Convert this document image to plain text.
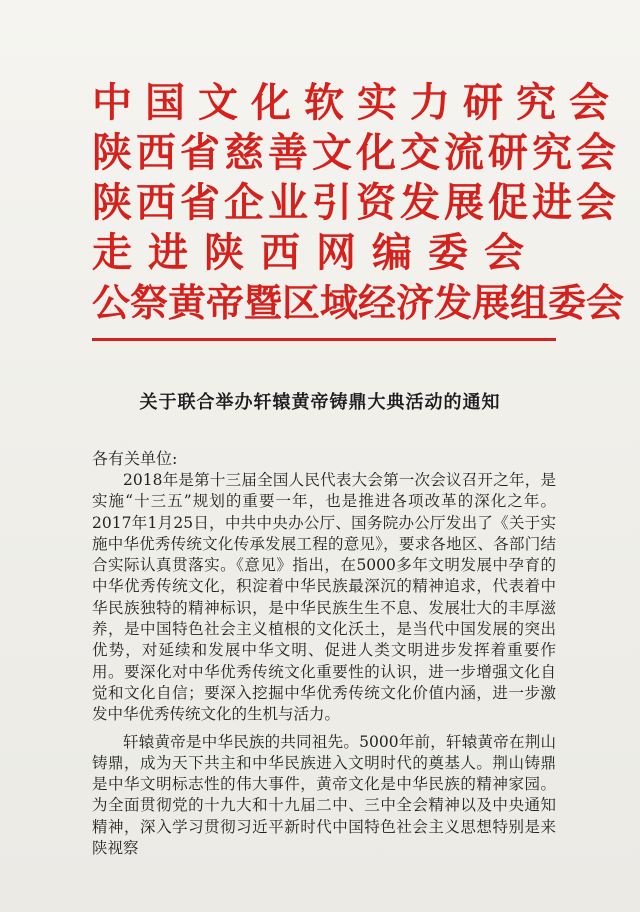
中国文化软实力研究会
陕西省慈善文化交流研究会
陕西省企业引资发展促进会
走进陕西网编委会
公祭黄帝暨区域经济发展组委会
关于联合举办轩辕黄帝铸鼎大典活动的通知
各有关单位:

2018年是第十三届全国人民代表大会第一次会议召开之年，是实施“十三五”规划的重要一年，也是推进各项改革的深化之年。2017年1月25日，中共中央办公厅、国务院办公厅发出了《关于实施中华优秀传统文化传承发展工程的意见》，要求各地区、各部门结合实际认真贯落实。《意见》指出，在5000多年文明发展中孕育的中华优秀传统文化，积淀着中华民族最深沉的精神追求，代表着中华民族独特的精神标识，是中华民族生生不息、发展壮大的丰厚滋养，是中国特色社会主义植根的文化沃土，是当代中国发展的突出优势，对延续和发展中华文明、促进人类文明进步发挥着重要作用。要深化对中华优秀传统文化重要性的认识，进一步增强文化自觉和文化自信；要深入挖掘中华优秀传统文化价值内涵，进一步激发中华优秀传统文化的生机与活力。

轩辕黄帝是中华民族的共同祖先。5000年前，轩辕黄帝在荆山铸鼎，成为天下共主和中华民族进入文明时代的奠基人。荆山铸鼎是中华文明标志性的伟大事件，黄帝文化是中华民族的精神家园。为全面贯彻党的十九大和十九届二中、三中全会精神以及中央通知精神，深入学习贯彻习近平新时代中国特色社会主义思想特别是来陕视察
